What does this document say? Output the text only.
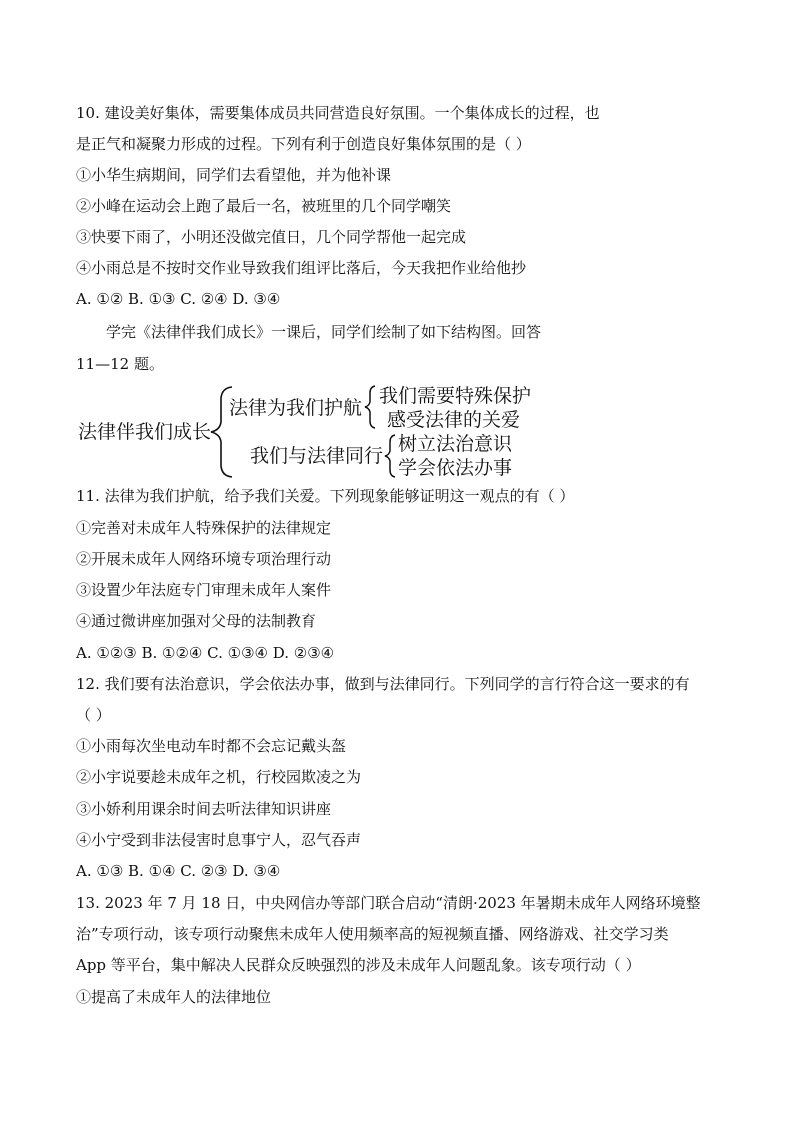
10. 建设美好集体，需要集体成员共同营造良好氛围。一个集体成长的过程，也
是正气和凝聚力形成的过程。下列有利于创造良好集体氛围的是（ ）
①小华生病期间，同学们去看望他，并为他补课
②小峰在运动会上跑了最后一名，被班里的几个同学嘲笑
③快要下雨了，小明还没做完值日，几个同学帮他一起完成
④小雨总是不按时交作业导致我们组评比落后，今天我把作业给他抄
A. ①② B. ①③ C. ②④ D. ③④
学完《法律伴我们成长》一课后，同学们绘制了如下结构图。回答
11—12 题。
法律伴我们成长
法律为我们护航
我们需要特殊保护
感受法律的关爱
我们与法律同行
树立法治意识
学会依法办事
11. 法律为我们护航，给予我们关爱。下列现象能够证明这一观点的有（ ）
①完善对未成年人特殊保护的法律规定
②开展未成年人网络环境专项治理行动
③设置少年法庭专门审理未成年人案件
④通过微讲座加强对父母的法制教育
A. ①②③ B. ①②④ C. ①③④ D. ②③④
12. 我们要有法治意识，学会依法办事，做到与法律同行。下列同学的言行符合这一要求的有
（ ）
①小雨每次坐电动车时都不会忘记戴头盔
②小宇说要趁未成年之机，行校园欺凌之为
③小娇利用课余时间去听法律知识讲座
④小宁受到非法侵害时息事宁人，忍气吞声
A. ①③ B. ①④ C. ②③ D. ③④
13. 2023 年 7 月 18 日，中央网信办等部门联合启动“清朗·2023 年暑期未成年人网络环境整
治”专项行动，该专项行动聚焦未成年人使用频率高的短视频直播、网络游戏、社交学习类
App 等平台，集中解决人民群众反映强烈的涉及未成年人问题乱象。该专项行动（ ）
①提高了未成年人的法律地位
